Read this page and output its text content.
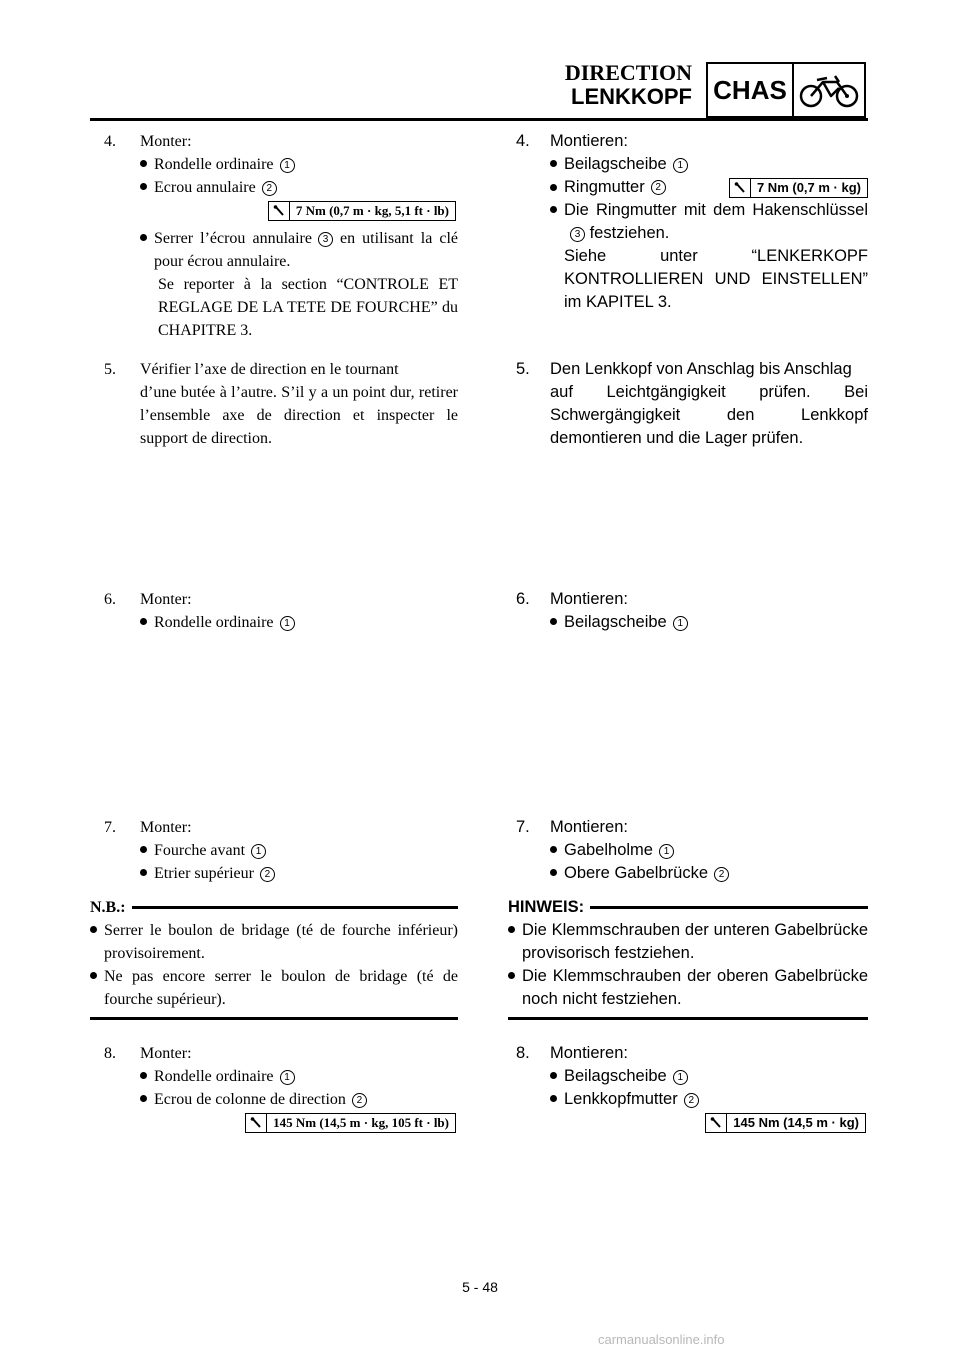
DIRECTION
LENKKOPF CHAS
4. Monter:
Rondelle ordinaire 1
Ecrou annulaire 2
7 Nm (0,7 m · kg, 5,1 ft · lb)
Serrer l’écrou annulaire 3 en utilisant la clé pour écrou annulaire.
Se reporter à la section “CONTROLE ET REGLAGE DE LA TETE DE FOURCHE” du CHAPITRE 3.
5. Vérifier l’axe de direction en le tournant
d’une butée à l’autre. S’il y a un point dur, retirer l’ensemble axe de direction et inspecter le support de direction.
6. Monter:
Rondelle ordinaire 1
7. Monter:
Fourche avant 1
Etrier supérieur 2
N.B.:
Serrer le boulon de bridage (té de fourche inférieur) provisoirement.
Ne pas encore serrer le boulon de bridage (té de fourche supérieur).
8. Monter:
Rondelle ordinaire 1
Ecrou de colonne de direction 2
145 Nm (14,5 m · kg, 105 ft · lb)
4. Montieren:
Beilagscheibe 1
Ringmutter	2	7 Nm (0,7 m · kg)
Die Ringmutter mit dem Hakenschlüssel3 festziehen.
Siehe unter “LENKERKOPF KONTROLLIEREN UND EINSTELLEN” im KAPITEL 3.
5. Den Lenkkopf von Anschlag bis Anschlag
auf Leichtgängigkeit prüfen. Bei Schwergängigkeit den Lenkkopf demontieren und die Lager prüfen.
6. Montieren:
Beilagscheibe 1
7. Montieren:
Gabelholme 1
Obere Gabelbrücke 2
HINWEIS:
Die Klemmschrauben der unteren Gabelbrücke provisorisch festziehen.
Die Klemmschrauben der oberen Gabelbrücke noch nicht festziehen.
8. Montieren:
Beilagscheibe 1
Lenkkopfmutter 2
145 Nm (14,5 m · kg)
5 - 48
carmanualsonline.info
